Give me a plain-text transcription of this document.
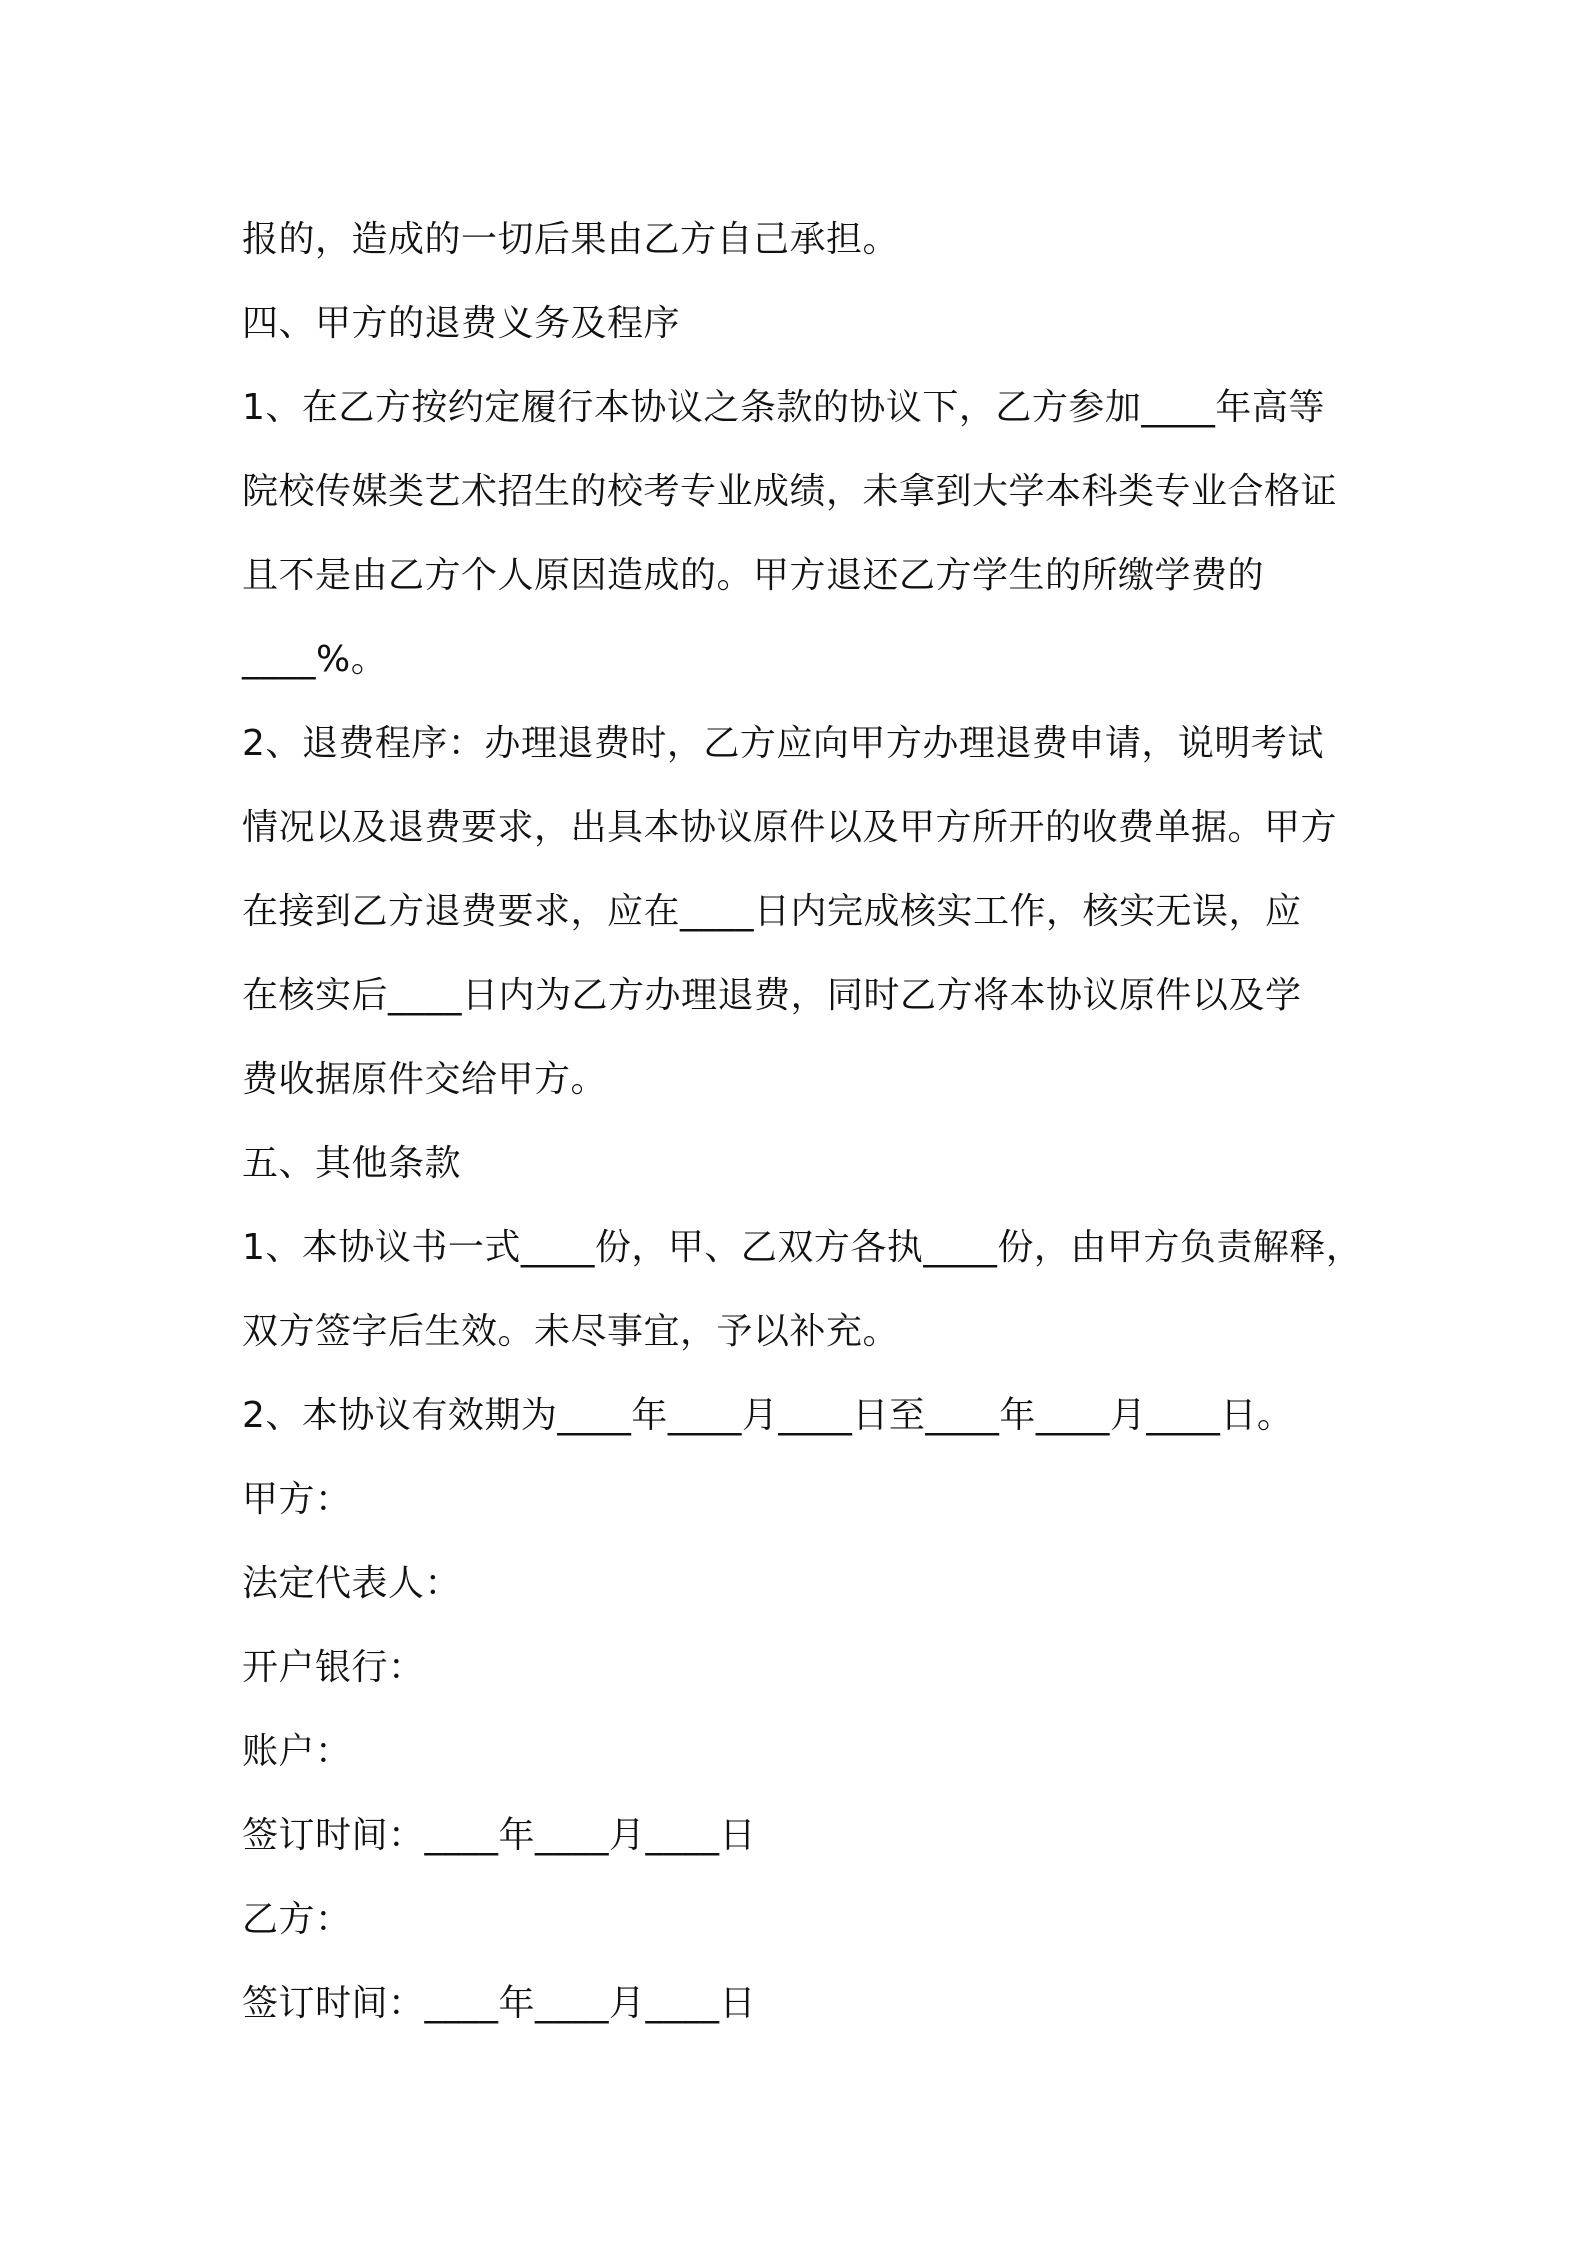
报的，造成的一切后果由乙方自己承担。
四、甲方的退费义务及程序
1、在乙方按约定履行本协议之条款的协议下，乙方参加____年高等
院校传媒类艺术招生的校考专业成绩，未拿到大学本科类专业合格证
且不是由乙方个人原因造成的。甲方退还乙方学生的所缴学费的
____%。
2、退费程序：办理退费时，乙方应向甲方办理退费申请，说明考试
情况以及退费要求，出具本协议原件以及甲方所开的收费单据。甲方
在接到乙方退费要求，应在____日内完成核实工作，核实无误，应
在核实后____日内为乙方办理退费，同时乙方将本协议原件以及学
费收据原件交给甲方。
五、其他条款
1、本协议书一式____份，甲、乙双方各执____份，由甲方负责解释，
双方签字后生效。未尽事宜，予以补充。
2、本协议有效期为____年____月____日至____年____月____日。
甲方：
法定代表人：
开户银行：
账户：
签订时间：____年____月____日
乙方：
签订时间：____年____月____日
